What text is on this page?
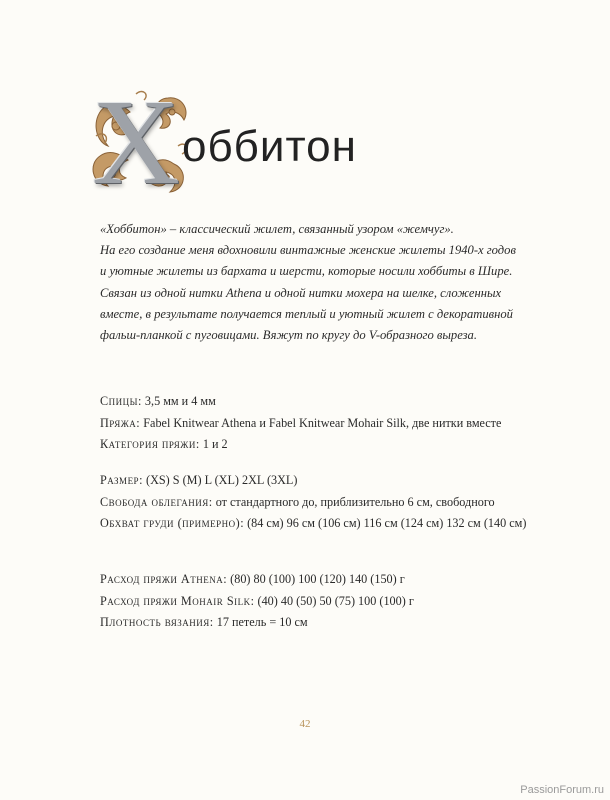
Х оббитон
«Хоббитон» – классический жилет, связанный узором «жемчуг».
На его создание меня вдохновили винтажные женские жилеты 1940-х годов
и уютные жилеты из бархата и шерсти, которые носили хоббиты в Шире.
Связан из одной нитки Athena и одной нитки мохера на шелке, сложенных
вместе, в результате получается теплый и уютный жилет с декоративной
фальш-планкой с пуговицами. Вяжут по кругу до V-образного выреза.
Спицы: 3,5 мм и 4 мм
Пряжа: Fabel Knitwear Athena и Fabel Knitwear Mohair Silk, две нитки вместе
Категория пряжи: 1 и 2
Размер: (XS) S (M) L (XL) 2XL (3XL)
Свобода облегания: от стандартного до, приблизительно 6 см, свободного
Обхват груди (примерно): (84 см) 96 см (106 см) 116 см (124 см) 132 см (140 см)
Расход пряжи Athena: (80) 80 (100) 100 (120) 140 (150) г
Расход пряжи Mohair Silk: (40) 40 (50) 50 (75) 100 (100) г
Плотность вязания: 17 петель = 10 см
42
PassionForum.ru
